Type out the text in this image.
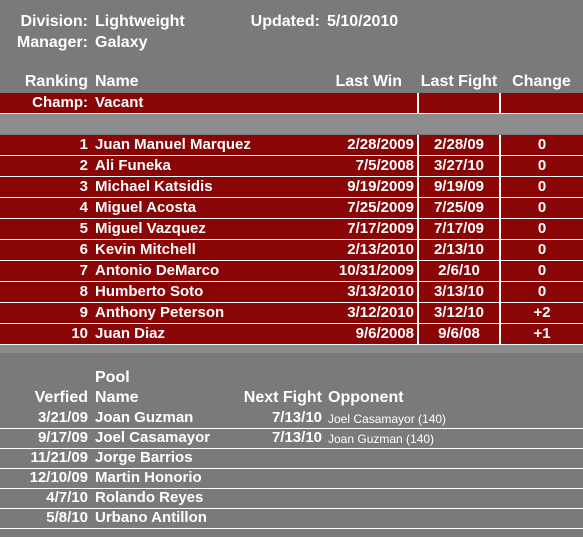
Division: Lightweight	Updated: 5/10/2010
Manager: Galaxy
Ranking Name	Last Win Last Fight Change
Champ: Vacant
1 Juan Manuel Marquez	2/28/2009	2/28/09	0
2 Ali Funeka	7/5/2008	3/27/10	0
3 Michael Katsidis	9/19/2009	9/19/09	0
4 Miguel Acosta	7/25/2009	7/25/09	0
5 Miguel Vazquez	7/17/2009	7/17/09	0
6 Kevin Mitchell	2/13/2010	2/13/10	0
7 Antonio DeMarco	10/31/2009	2/6/10	0
8 Humberto Soto	3/13/2010	3/13/10	0
9 Anthony Peterson	3/12/2010	3/12/10	+2
10 Juan Diaz	9/6/2008	9/6/08	+1
Pool
Verfied Name	Next Fight Opponent
3/21/09 Joan Guzman	7/13/10 Joel Casamayor (140)
9/17/09 Joel Casamayor	7/13/10 Joan Guzman (140)
11/21/09 Jorge Barrios
12/10/09 Martin Honorio
4/7/10 Rolando Reyes
5/8/10 Urbano Antillon
